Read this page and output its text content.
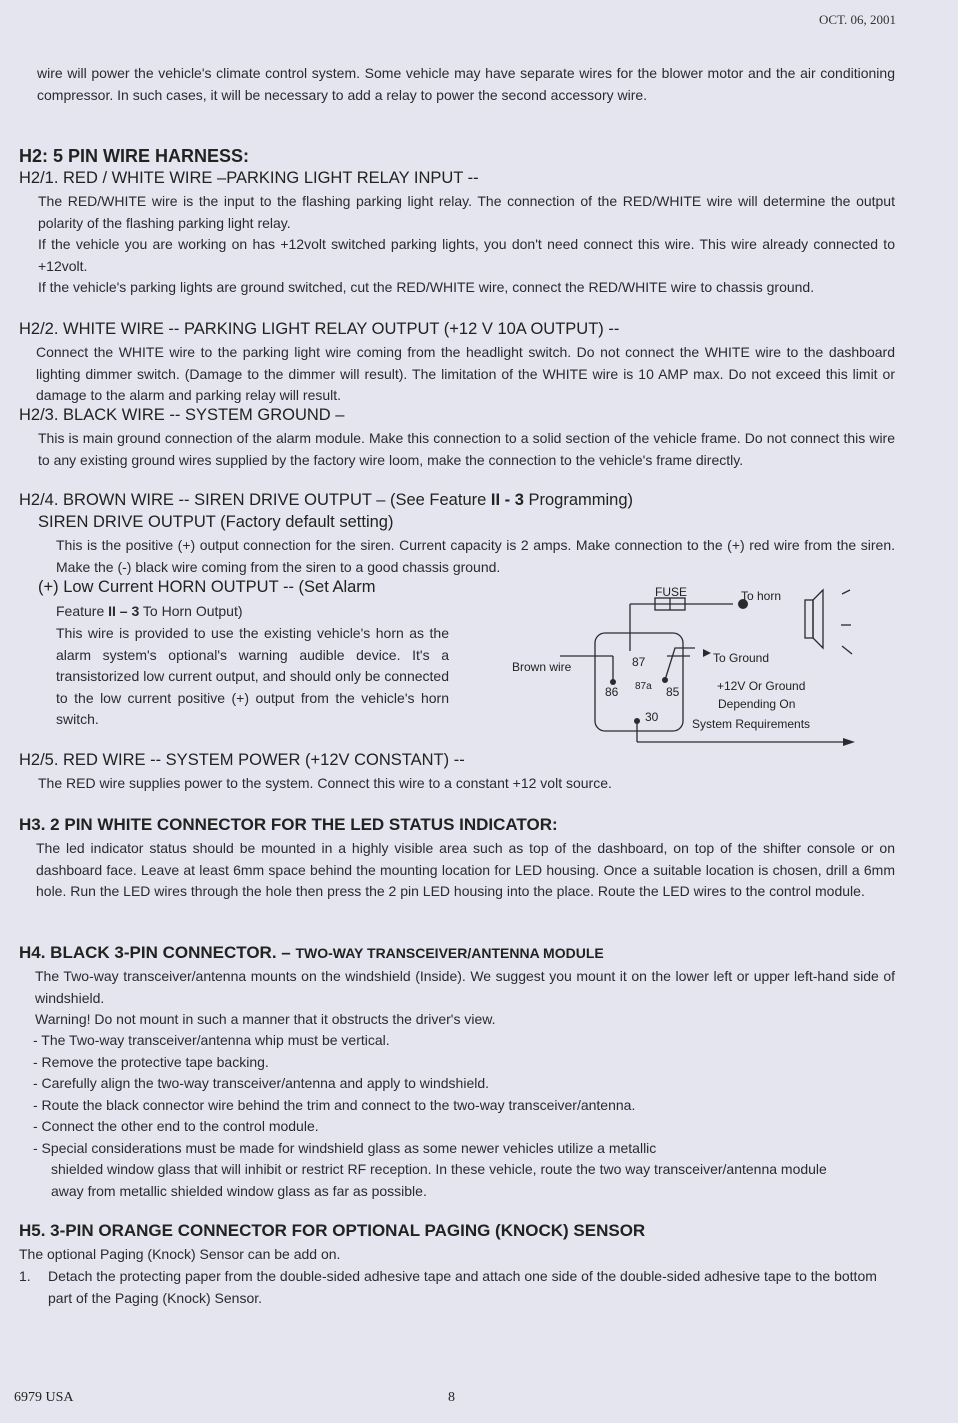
OCT. 06, 2001
wire will power the vehicle's climate control system. Some vehicle may have separate wires for the blower motor and the air conditioning compressor. In such cases, it will be necessary to add a relay to power the second accessory wire.
H2: 5 PIN WIRE HARNESS:
H2/1. RED / WHITE WIRE –PARKING LIGHT RELAY INPUT --
The RED/WHITE wire is the input to the flashing parking light relay. The connection of the RED/WHITE wire will determine the output polarity of the flashing parking light relay.
If the vehicle you are working on has +12volt switched parking lights, you don't need connect this wire. This wire already connected to +12volt.
If the vehicle's parking lights are ground switched, cut the RED/WHITE wire, connect the RED/WHITE wire to chassis ground.
H2/2. WHITE WIRE -- PARKING LIGHT RELAY OUTPUT (+12 V 10A OUTPUT) --
Connect the WHITE wire to the parking light wire coming from the headlight switch. Do not connect the WHITE wire to the dashboard lighting dimmer switch. (Damage to the dimmer will result). The limitation of the WHITE wire is 10 AMP max. Do not exceed this limit or damage to the alarm and parking relay will result.
H2/3. BLACK WIRE -- SYSTEM GROUND –
This is main ground connection of the alarm module. Make this connection to a solid section of the vehicle frame. Do not connect this wire to any existing ground wires supplied by the factory wire loom, make the connection to the vehicle's frame directly.
H2/4. BROWN WIRE -- SIREN DRIVE OUTPUT – (See Feature II - 3 Programming)
SIREN DRIVE OUTPUT (Factory default setting)
This is the positive (+) output connection for the siren. Current capacity is 2 amps. Make connection to the (+) red wire from the siren. Make the (-) black wire coming from the siren to a good chassis ground.
(+) Low Current HORN OUTPUT -- (Set Alarm
Feature II – 3 To Horn Output)
This wire is provided to use the existing vehicle's horn as the alarm system's optional's warning audible device. It's a transistorized low current output, and should only be connected to the low current positive (+) output from the vehicle's horn switch.
FUSE	To horn
Brown wire
To Ground
87
87a
86	85
30
+12V Or Ground
Depending On
System Requirements
H2/5. RED WIRE -- SYSTEM POWER (+12V CONSTANT) --
The RED wire supplies power to the system. Connect this wire to a constant +12 volt source.
H3. 2 PIN WHITE CONNECTOR FOR THE LED STATUS INDICATOR:
The led indicator status should be mounted in a highly visible area such as top of the dashboard, on top of the shifter console or on dashboard face. Leave at least 6mm space behind the mounting location for LED housing. Once a suitable location is chosen, drill a 6mm hole. Run the LED wires through the hole then press the 2 pin LED housing into the place. Route the LED wires to the control module.
H4. BLACK 3-PIN CONNECTOR. – TWO-WAY TRANSCEIVER/ANTENNA MODULE
The Two-way transceiver/antenna mounts on the windshield (Inside). We suggest you mount it on the lower left or upper left-hand side of windshield.
Warning! Do not mount in such a manner that it obstructs the driver's view.
- The Two-way transceiver/antenna whip must be vertical.
- Remove the protective tape backing.
- Carefully align the two-way transceiver/antenna and apply to windshield.
- Route the black connector wire behind the trim and connect to the two-way transceiver/antenna.
- Connect the other end to the control module.
- Special considerations must be made for windshield glass as some newer vehicles utilize a metallic
shielded window glass that will inhibit or restrict RF reception. In these vehicle, route the two way transceiver/antenna module away from metallic shielded window glass as far as possible.
H5. 3-PIN ORANGE CONNECTOR FOR OPTIONAL PAGING (KNOCK) SENSOR
The optional Paging (Knock) Sensor can be add on.
1. Detach the protecting paper from the double-sided adhesive tape and attach one side of the double-sided adhesive tape to the bottom part of the Paging (Knock) Sensor.
6979 USA	8
